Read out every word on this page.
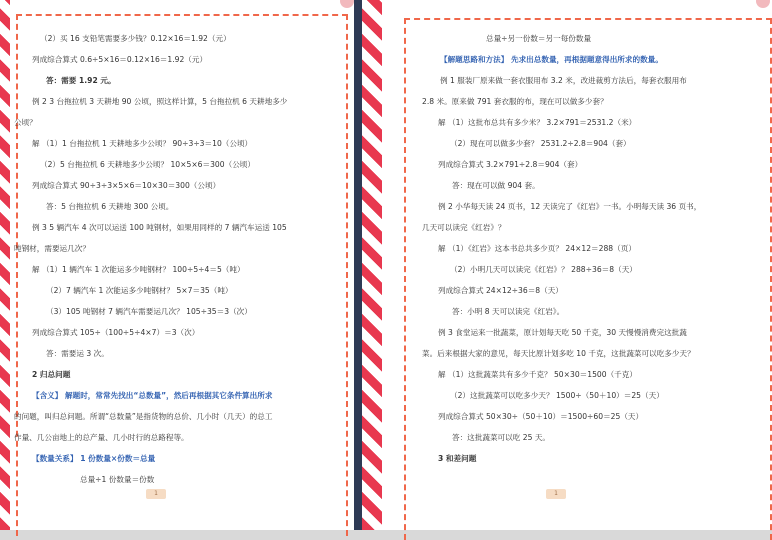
（2）买 16 支铅笔需要多少钱？0.12×16＝1.92（元）
列成综合算式 0.6÷5×16＝0.12×16＝1.92（元）
答：需要 1.92 元。
例 2 3 台拖拉机 3 天耕地 90 公顷，照这样计算，5 台拖拉机 6 天耕地多少
公顷？
解 （1）1 台拖拉机 1 天耕地多少公顷？ 90÷3÷3＝10（公顷）
（2）5 台拖拉机 6 天耕地多少公顷？ 10×5×6＝300（公顷）
列成综合算式 90÷3÷3×5×6＝10×30＝300（公顷）
答：5 台拖拉机 6 天耕地 300 公顷。
例 3 5 辆汽车 4 次可以运送 100 吨钢材，如果用同样的 7 辆汽车运送 105
吨钢材，需要运几次？
解 （1）1 辆汽车 1 次能运多少吨钢材？ 100÷5÷4＝5（吨）
（2）7 辆汽车 1 次能运多少吨钢材？ 5×7＝35（吨）
（3）105 吨钢材 7 辆汽车需要运几次？ 105÷35＝3（次）
列成综合算式 105÷（100÷5÷4×7）＝3（次）
答：需要运 3 次。
2 归总问题
【含义】 解题时，常常先找出“总数量”，然后再根据其它条件算出所求
的问题，叫归总问题。所谓“总数量”是指货物的总价、几小时（几天）的总工
作量、几公亩地上的总产量、几小时行的总路程等。
【数量关系】 1 份数量×份数＝总量
总量÷1 份数量＝份数
1
总量÷另一份数＝另一每份数量
【解题思路和方法】 先求出总数量，再根据题意得出所求的数量。
例 1 服装厂原来做一套衣服用布 3.2 米，改进裁剪方法后，每套衣服用布
2.8 米。原来做 791 套衣服的布，现在可以做多少套？
解 （1）这批布总共有多少米？ 3.2×791＝2531.2（米）
（2）现在可以做多少套？ 2531.2÷2.8＝904（套）
列成综合算式 3.2×791÷2.8＝904（套）
答：现在可以做 904 套。
例 2 小华每天读 24 页书，12 天读完了《红岩》一书。小明每天读 36 页书，
几天可以读完《红岩》？
解 （1）《红岩》这本书总共多少页？ 24×12＝288（页）
（2）小明几天可以读完《红岩》？ 288÷36＝8（天）
列成综合算式 24×12÷36＝8（天）
答：小明 8 天可以读完《红岩》。
例 3 食堂运来一批蔬菜，原计划每天吃 50 千克，30 天慢慢消费完这批蔬
菜。后来根据大家的意见，每天比原计划多吃 10 千克，这批蔬菜可以吃多少天？
解 （1）这批蔬菜共有多少千克？ 50×30＝1500（千克）
（2）这批蔬菜可以吃多少天？ 1500÷（50＋10）＝25（天）
列成综合算式 50×30÷（50＋10）＝1500÷60＝25（天）
答：这批蔬菜可以吃 25 天。
3 和差问题
1
